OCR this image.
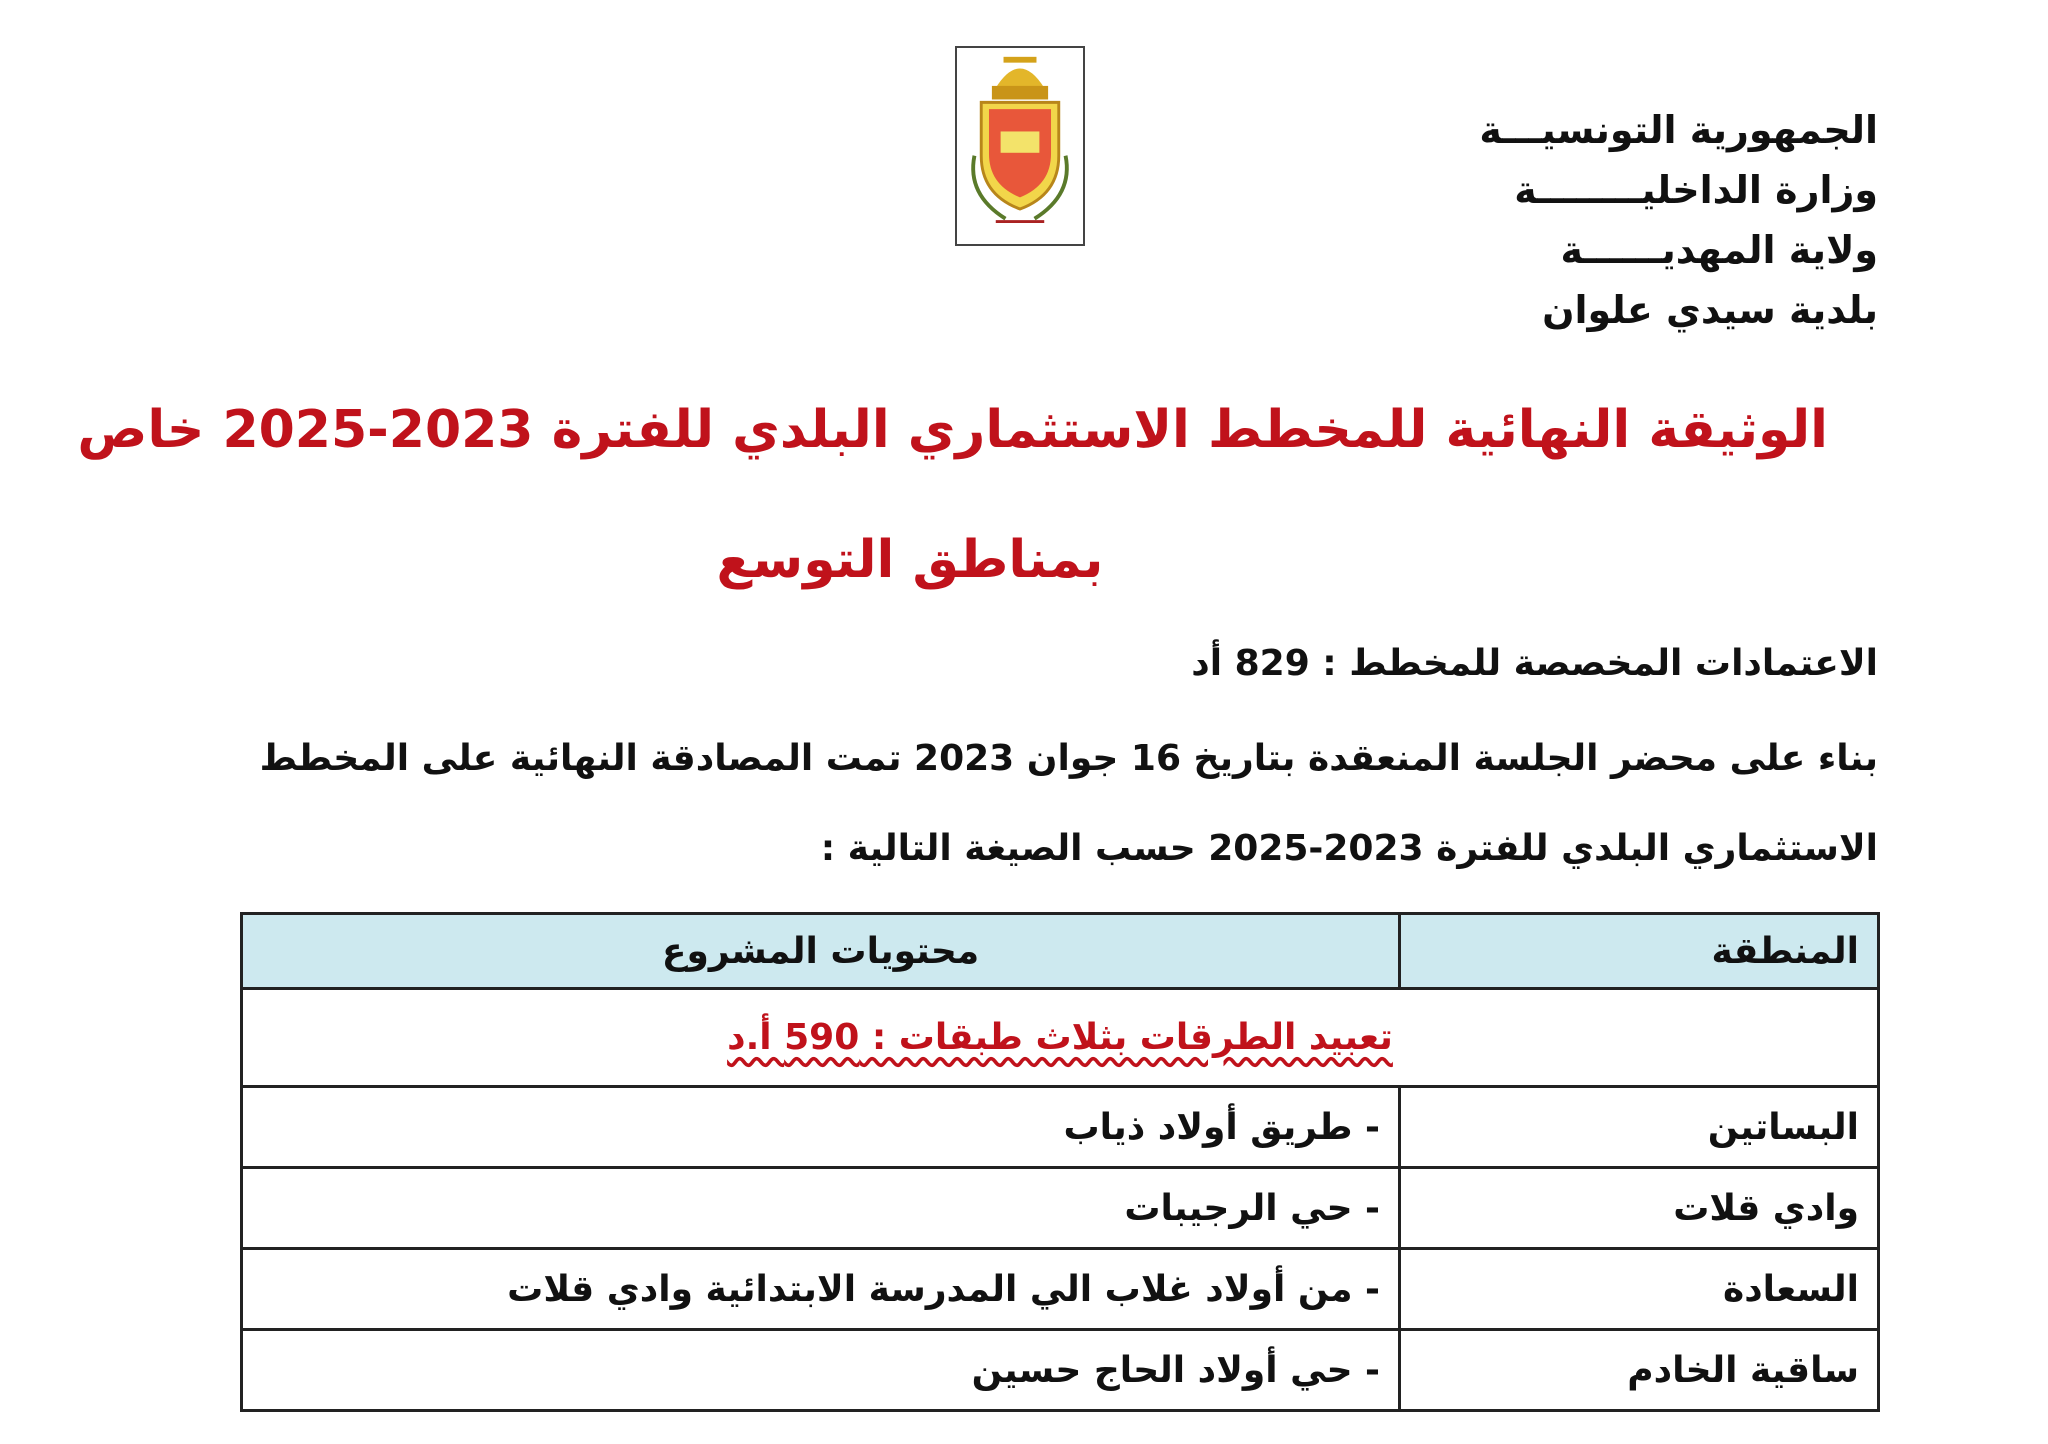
الجمهورية التونسيـــة
وزارة الداخليــــــــة
ولاية المهديــــــة
بلدية سيدي علوان
الوثيقة النهائية للمخطط الاستثماري البلدي للفترة 2023-2025 خاص
بمناطق التوسع
الاعتمادات المخصصة للمخطط : 829 أد
بناء على محضر الجلسة المنعقدة بتاريخ 16 جوان 2023 تمت المصادقة النهائية على المخطط
الاستثماري البلدي للفترة 2023-2025 حسب الصيغة التالية :
المنطقة	محتويات المشروع
تعبيد الطرقات بثلاث طبقات : 590 أ.د	
البساتين	- طريق أولاد ذياب
وادي قلات	- حي الرجيبات
السعادة	- من أولاد غلاب الي المدرسة الابتدائية وادي قلات
ساقية الخادم	- حي أولاد الحاج حسين
